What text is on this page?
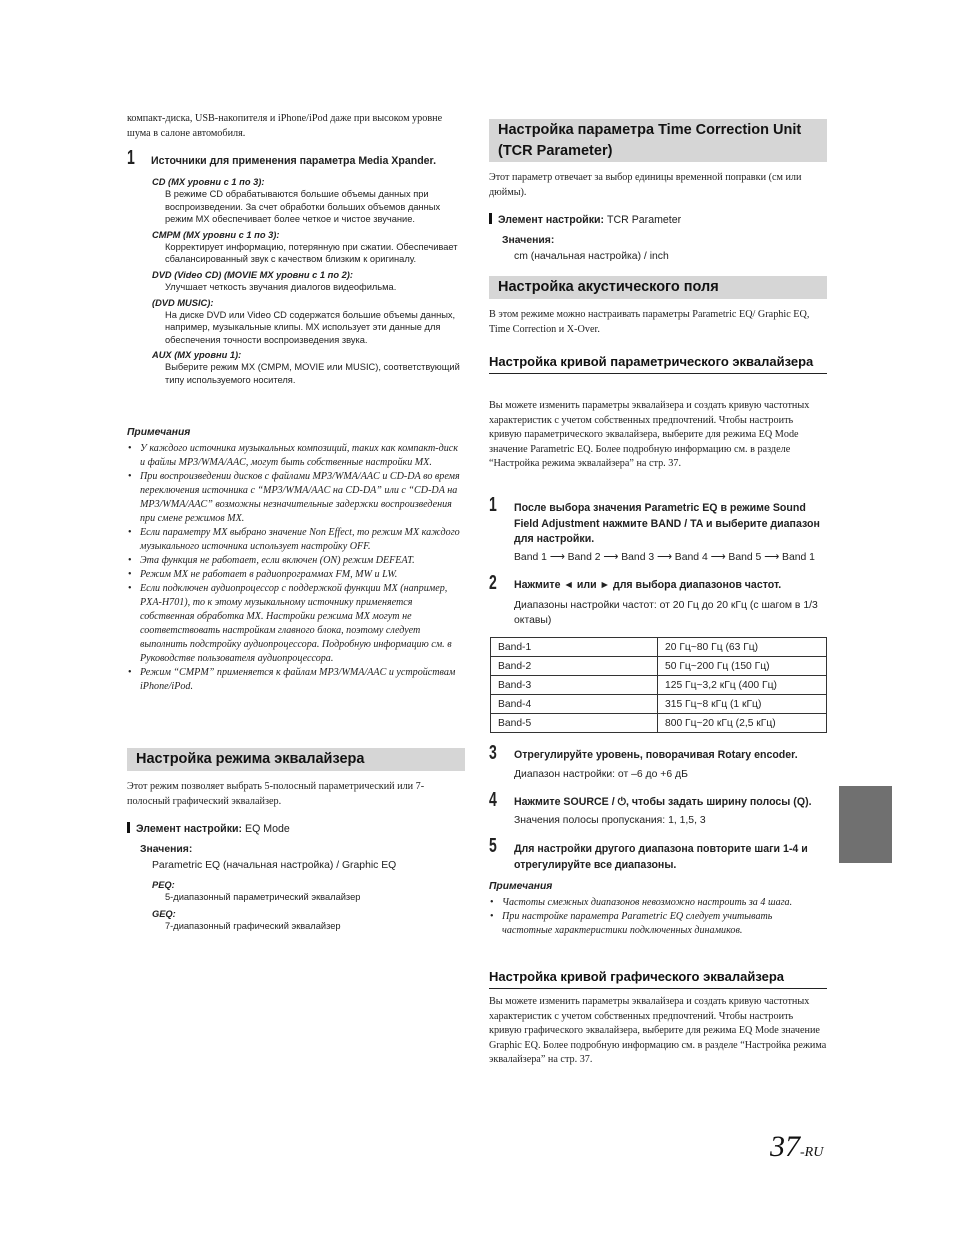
компакт-диска, USB-накопителя и iPhone/iPod даже при высоком уровне шума в салоне автомобиля.
1 Источники для применения параметра Media Xpander.
CD (MX уровни с 1 по 3):
В режиме CD обрабатываются большие объемы данных при воспроизведении. За счет обработки больших объемов данных режим MX обеспечивает более четкое и чистое звучание.
CMPM (MX уровни с 1 по 3):
Корректирует информацию, потерянную при сжатии. Обеспечивает сбалансированный звук с качеством близким к оригиналу.
DVD (Video CD) (MOVIE MX уровни с 1 по 2):
Улучшает четкость звучания диалогов видеофильма.
(DVD MUSIC):
На диске DVD или Video CD содержатся большие объемы данных, например, музыкальные клипы. MX использует эти данные для обеспечения точности воспроизведения звука.
AUX (MX уровни 1):
Выберите режим MX (CMPM, MOVIE или MUSIC), соответствующий типу используемого носителя.
Примечания
• У каждого источника музыкальных композиций, таких как компакт-диск и файлы MP3/WMA/AAC, могут быть собственные настройки MX.
• При воспроизведении дисков с файлами MP3/WMA/AAC и CD-DA во время переключения источника с “MP3/WMA/AAC на CD-DA” или с “CD-DA на MP3/WMA/AAC” возможны незначительные задержки воспроизведения при смене режимов MX.
• Если параметру MX выбрано значение Non Effect, то режим MX каждого музыкального источника использует настройку OFF.
• Эта функция не работает, если включен (ON) режим DEFEAT.
• Режим MX не работает в радиопрограммах FM, MW и LW.
• Если подключен аудиопроцессор с поддержкой функции MX (например, PXA-H701), то к этому музыкальному источнику применяется собственная обработка MX. Настройки режима MX могут не соответствовать настройкам главного блока, поэтому следует выполнить подстройку аудиопроцессора. Подробную информацию см. в Руководстве пользователя аудиопроцессора.
• Режим “CMPM” применяется к файлам MP3/WMA/AAC и устройствам iPhone/iPod.
Настройка режима эквалайзера
Этот режим позволяет выбрать 5-полосный параметрический или 7-полосный графический эквалайзер.
Элемент настройки: EQ Mode
Значения:
Parametric EQ (начальная настройка) / Graphic EQ
PEQ:
5-диапазонный параметрический эквалайзер
GEQ:
7-диапазонный графический эквалайзер
Настройка параметра Time Correction Unit (TCR Parameter)
Этот параметр отвечает за выбор единицы временной поправки (см или дюймы).
Элемент настройки: TCR Parameter
Значения:
cm (начальная настройка) / inch
Настройка акустического поля
В этом режиме можно настраивать параметры Parametric EQ/ Graphic EQ, Time Correction и X-Over.
Настройка кривой параметрического эквалайзера
Вы можете изменить параметры эквалайзера и создать кривую частотных характеристик с учетом собственных предпочтений. Чтобы настроить кривую параметрического эквалайзера, выберите для режима EQ Mode значение Parametric EQ. Более подробную информацию см. в разделе “Настройка режима эквалайзера” на стр. 37.
1 После выбора значения Parametric EQ в режиме Sound Field Adjustment нажмите BAND / TA и выберите диапазон для настройки.
Band 1 ⟶ Band 2 ⟶ Band 3 ⟶ Band 4 ⟶ Band 5 ⟶ Band 1
2 Нажмите ◄ или ► для выбора диапазонов частот.
Диапазоны настройки частот: от 20 Гц до 20 кГц (с шагом в 1/3 октавы)
Band-1	20 Гц~80 Гц (63 Гц)
Band-2	50 Гц~200 Гц (150 Гц)
Band-3	125 Гц~3,2 кГц (400 Гц)
Band-4	315 Гц~8 кГц (1 кГц)
Band-5	800 Гц~20 кГц (2,5 кГц)
3 Отрегулируйте уровень, поворачивая Rotary encoder.
Диапазон настройки: от –6 до +6 дБ
4 Нажмите SOURCE / ⏻, чтобы задать ширину полосы (Q).
Значения полосы пропускания: 1, 1,5, 3
5 Для настройки другого диапазона повторите шаги 1-4 и отрегулируйте все диапазоны.
Примечания
• Частоты смежных диапазонов невозможно настроить за 4 шага.
• При настройке параметра Parametric EQ следует учитывать частотные характеристики подключенных динамиков.
Настройка кривой графического эквалайзера
Вы можете изменить параметры эквалайзера и создать кривую частотных характеристик с учетом собственных предпочтений. Чтобы настроить кривую графического эквалайзера, выберите для режима EQ Mode значение Graphic EQ. Более подробную информацию см. в разделе “Настройка режима эквалайзера” на стр. 37.
37-RU
